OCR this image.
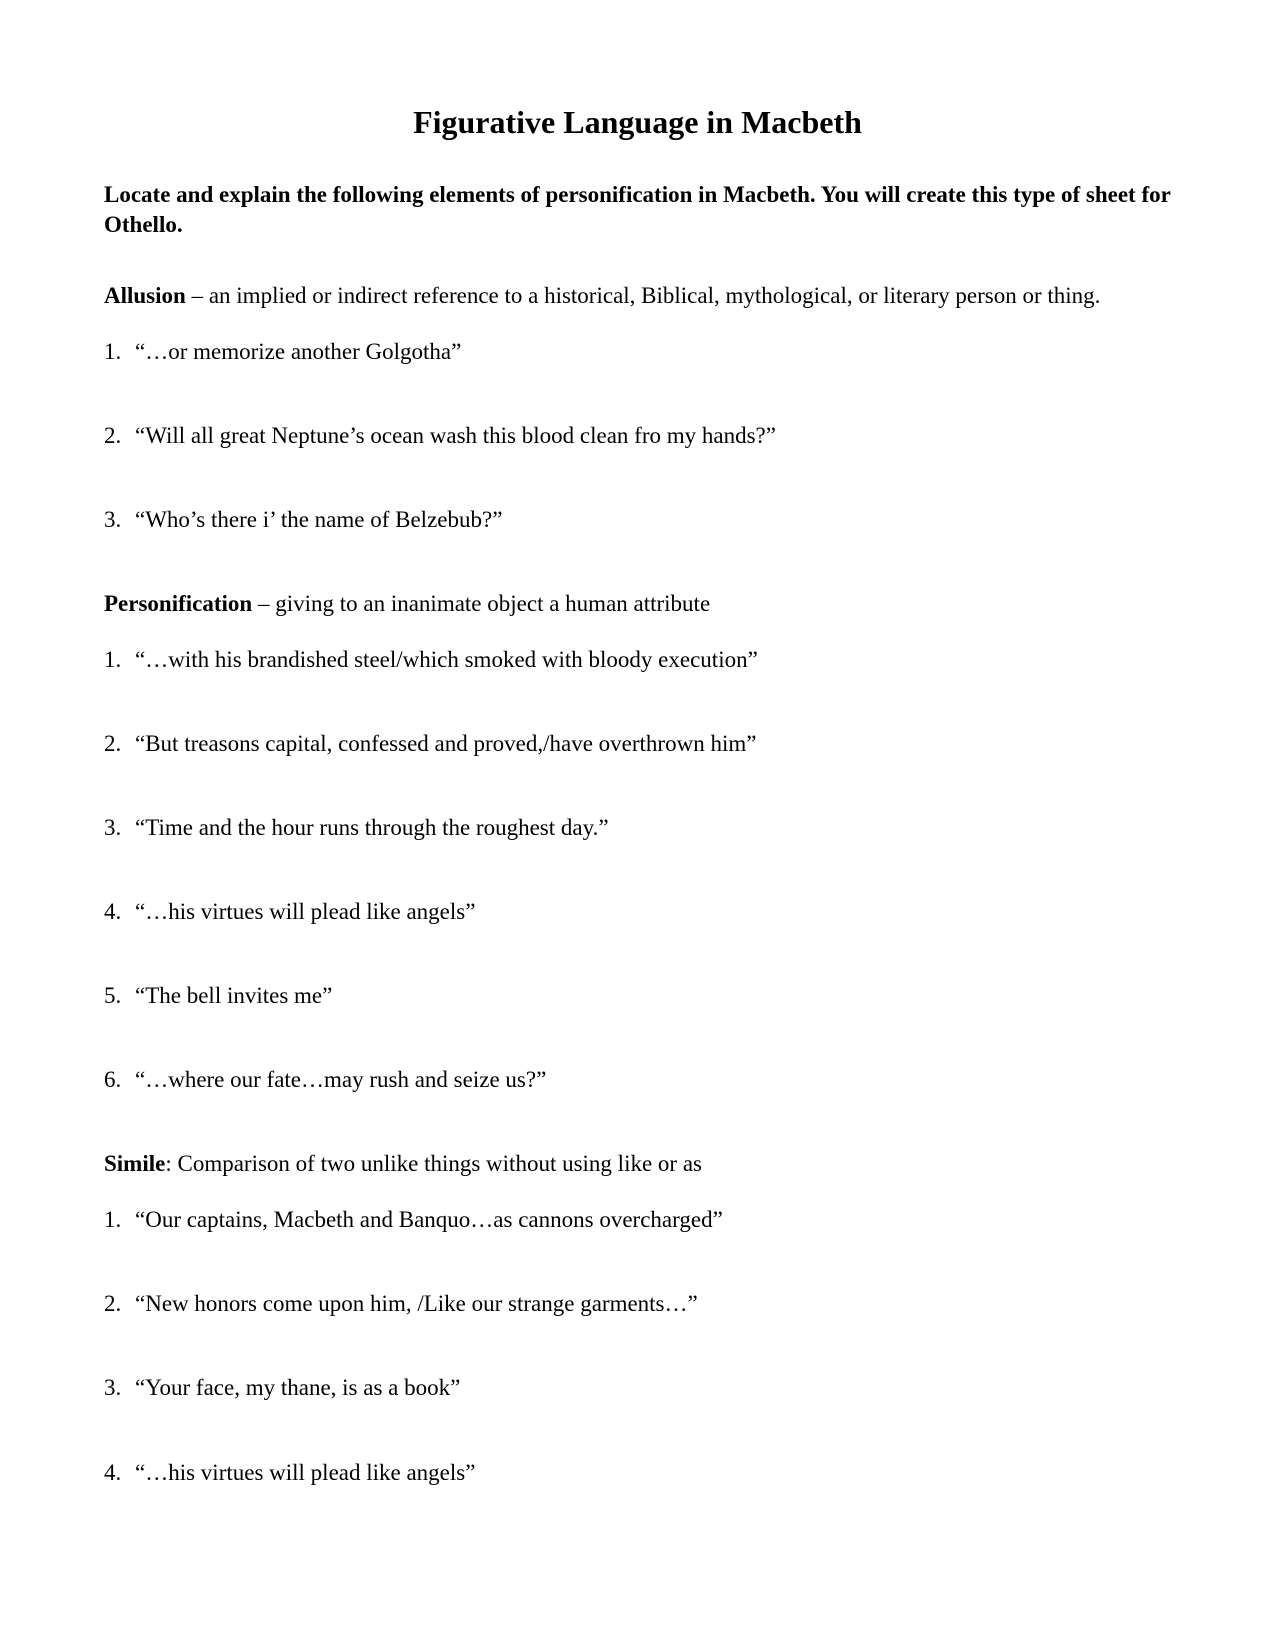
Figurative Language in Macbeth

Locate and explain the following elements of personification in Macbeth. You will create this type of sheet for Othello.

Allusion – an implied or indirect reference to a historical, Biblical, mythological, or literary person or thing.

1. “…or memorize another Golgotha”

2. “Will all great Neptune’s ocean wash this blood clean fro my hands?”

3. “Who’s there i’ the name of Belzebub?”

Personification – giving to an inanimate object a human attribute

1. “…with his brandished steel/which smoked with bloody execution”

2. “But treasons capital, confessed and proved,/have overthrown him”

3. “Time and the hour runs through the roughest day.”

4. “…his virtues will plead like angels”

5. “The bell invites me”

6. “…where our fate…may rush and seize us?”

Simile: Comparison of two unlike things without using like or as

1. “Our captains, Macbeth and Banquo…as cannons overcharged”

2. “New honors come upon him, /Like our strange garments…”

3. “Your face, my thane, is as a book”

4. “…his virtues will plead like angels”
